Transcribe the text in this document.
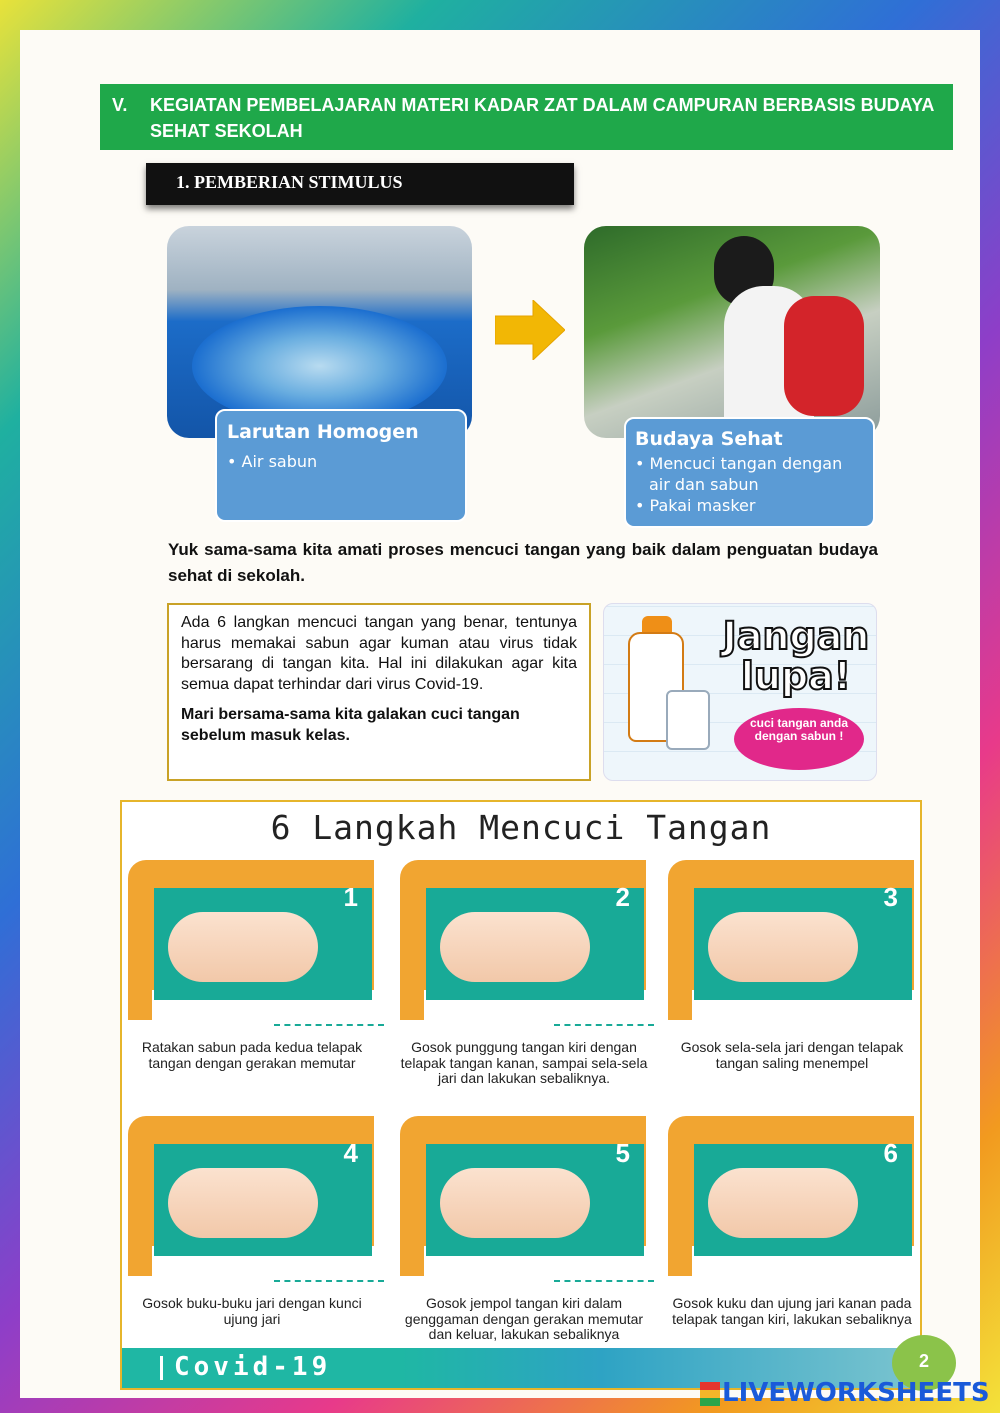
V.	KEGIATAN PEMBELAJARAN MATERI KADAR ZAT DALAM CAMPURAN BERBASIS BUDAYA SEHAT SEKOLAH
1. PEMBERIAN STIMULUS
Larutan Homogen
• Air sabun
Budaya Sehat
• Mencuci tangan dengan air dan sabun
• Pakai masker

Yuk sama-sama kita amati proses mencuci tangan yang baik dalam penguatan budaya sehat di sekolah.

Ada 6 langkan mencuci tangan yang benar, tentunya harus memakai sabun agar kuman atau virus tidak bersarang di tangan kita. Hal ini dilakukan agar kita semua dapat terhindar dari virus Covid-19.

Mari bersama-sama kita galakan cuci tangan sebelum masuk kelas.

Jangan
lupa!
cuci tangan anda dengan sabun !
6 Langkah Mencuci Tangan
1
Ratakan sabun pada kedua telapak tangan dengan gerakan memutar
2
Gosok punggung tangan kiri dengan telapak tangan kanan, sampai sela-sela jari dan lakukan sebaliknya.
3
Gosok sela-sela jari dengan telapak tangan saling menempel
4
Gosok buku-buku jari dengan kunci ujung jari
5
Gosok jempol tangan kiri dalam genggaman dengan gerakan memutar dan keluar, lakukan sebaliknya
6
Gosok kuku dan ujung jari kanan pada telapak tangan kiri, lakukan sebaliknya
Covid-19	2
LIVEWORKSHEETS
